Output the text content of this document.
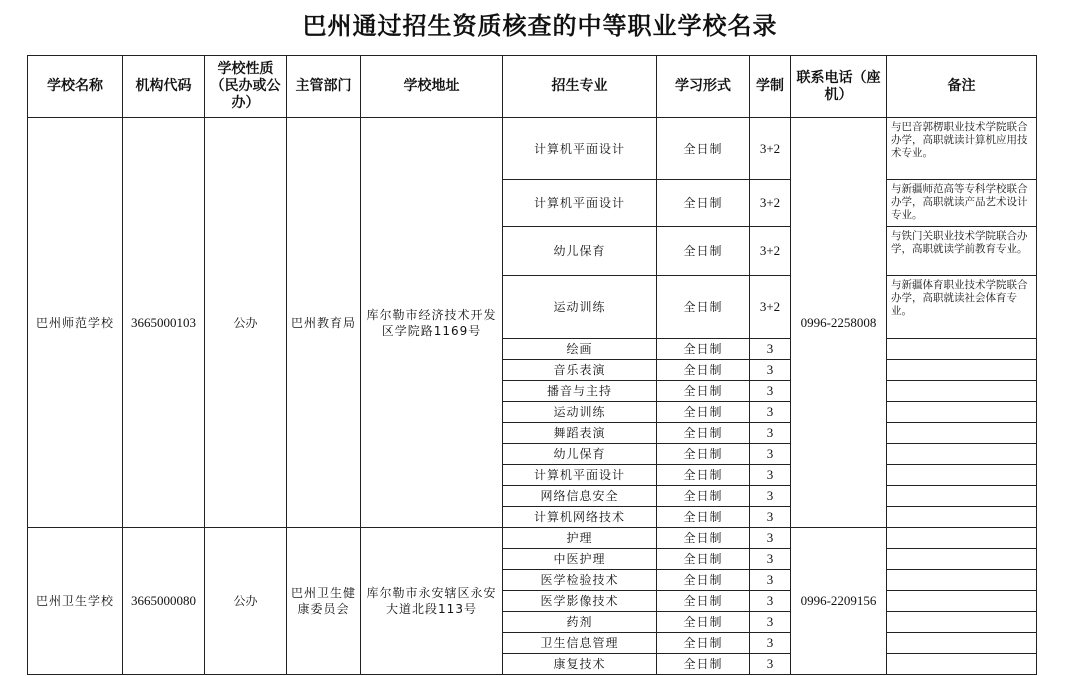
巴州通过招生资质核查的中等职业学校名录
学校名称	机构代码	学校性质（民办或公办）	主管部门	学校地址	招生专业	学习形式	学制	联系电话（座机）	备注
巴州师范学校	3665000103	公办	巴州教育局	库尔勒市经济技术开发区学院路1169号	计算机平面设计	全日制	3+2	0996-2258008	与巴音郭楞职业技术学院联合办学，高职就读计算机应用技术专业。
					计算机平面设计	全日制	3+2		与新疆师范高等专科学校联合办学，高职就读产品艺术设计专业。
					幼儿保育	全日制	3+2		与铁门关职业技术学院联合办学，高职就读学前教育专业。
					运动训练	全日制	3+2		与新疆体育职业技术学院联合办学，高职就读社会体育专业。
					绘画	全日制	3		
					音乐表演	全日制	3		
					播音与主持	全日制	3		
					运动训练	全日制	3		
					舞蹈表演	全日制	3		
					幼儿保育	全日制	3		
					计算机平面设计	全日制	3		
					网络信息安全	全日制	3		
					计算机网络技术	全日制	3		
巴州卫生学校	3665000080	公办	巴州卫生健康委员会	库尔勒市永安辖区永安大道北段113号	护理	全日制	3	0996-2209156	
					中医护理	全日制	3		
					医学检验技术	全日制	3		
					医学影像技术	全日制	3		
					药剂	全日制	3		
					卫生信息管理	全日制	3		
					康复技术	全日制	3		
